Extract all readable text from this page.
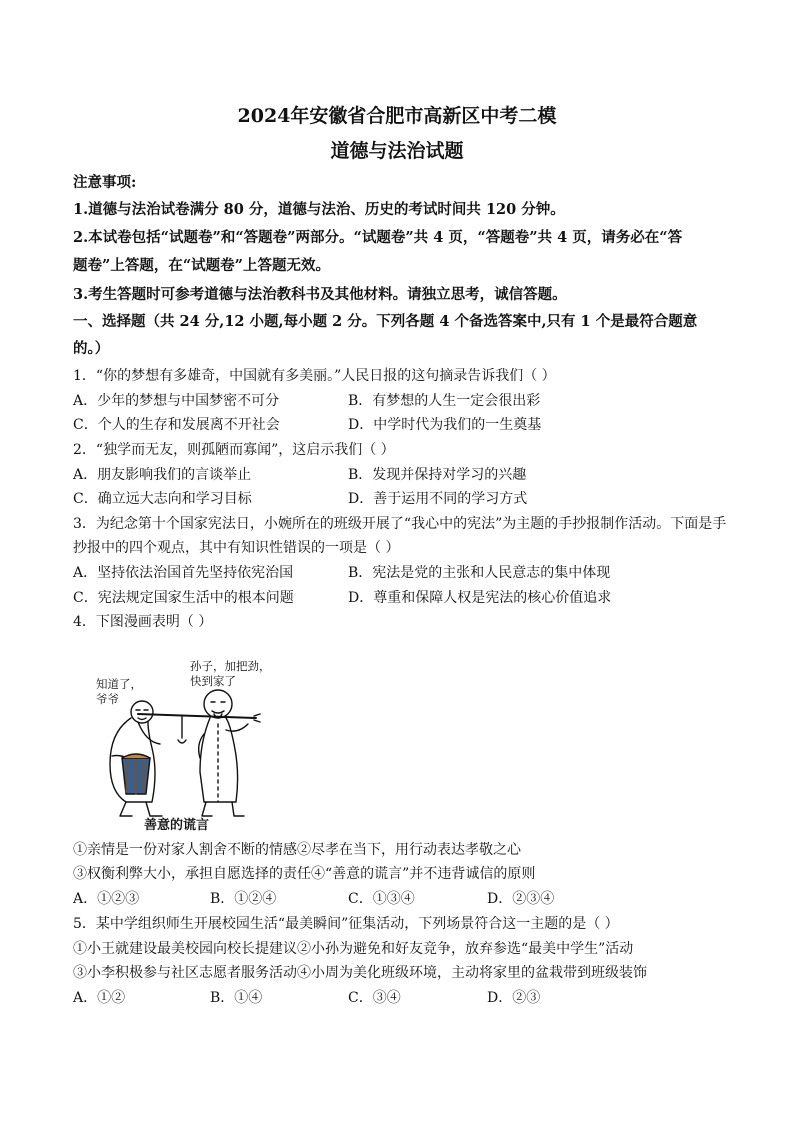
2024年安徽省合肥市高新区中考二模
道德与法治试题
注意事项:
1.道德与法治试卷满分 80 分，道德与法治、历史的考试时间共 120 分钟。
2.本试卷包括“试题卷”和“答题卷”两部分。“试题卷”共 4 页，“答题卷”共 4 页，请务必在“答
题卷”上答题，在“试题卷”上答题无效。
3.考生答题时可参考道德与法治教科书及其他材料。请独立思考，诚信答题。
一、选择题（共 24 分,12 小题,每小题 2 分。下列各题 4 个备选答案中,只有 1 个是最符合题意
的。）
1．“你的梦想有多雄奇，中国就有多美丽。”人民日报的这句摘录告诉我们（ ）
A．少年的梦想与中国梦密不可分	B．有梦想的人生一定会很出彩
C．个人的生存和发展离不开社会	D．中学时代为我们的一生奠基
2．“独学而无友，则孤陋而寡闻”，这启示我们（ ）
A．朋友影响我们的言谈举止	B．发现并保持对学习的兴趣
C．确立远大志向和学习目标	D．善于运用不同的学习方式
3．为纪念第十个国家宪法日，小婉所在的班级开展了“我心中的宪法”为主题的手抄报制作活动。下面是手
抄报中的四个观点，其中有知识性错误的一项是（ ）
A．坚持依法治国首先坚持依宪治国	B．宪法是党的主张和人民意志的集中体现
C．宪法规定国家生活中的根本问题	D．尊重和保障人权是宪法的核心价值追求
4．下图漫画表明（ ）
知道了，
爷爷
孙子，加把劲，
快到家了
善意的谎言
①亲情是一份对家人割舍不断的情感②尽孝在当下，用行动表达孝敬之心
③权衡利弊大小，承担自愿选择的责任④“善意的谎言”并不违背诚信的原则
A．①②③	B．①②④	C．①③④	D．②③④
5．某中学组织师生开展校园生活“最美瞬间”征集活动，下列场景符合这一主题的是（ ）
①小王就建设最美校园向校长提建议②小孙为避免和好友竞争，放弃参选“最美中学生”活动
③小李积极参与社区志愿者服务活动④小周为美化班级环境，主动将家里的盆栽带到班级装饰
A．①②	B．①④	C．③④	D．②③
